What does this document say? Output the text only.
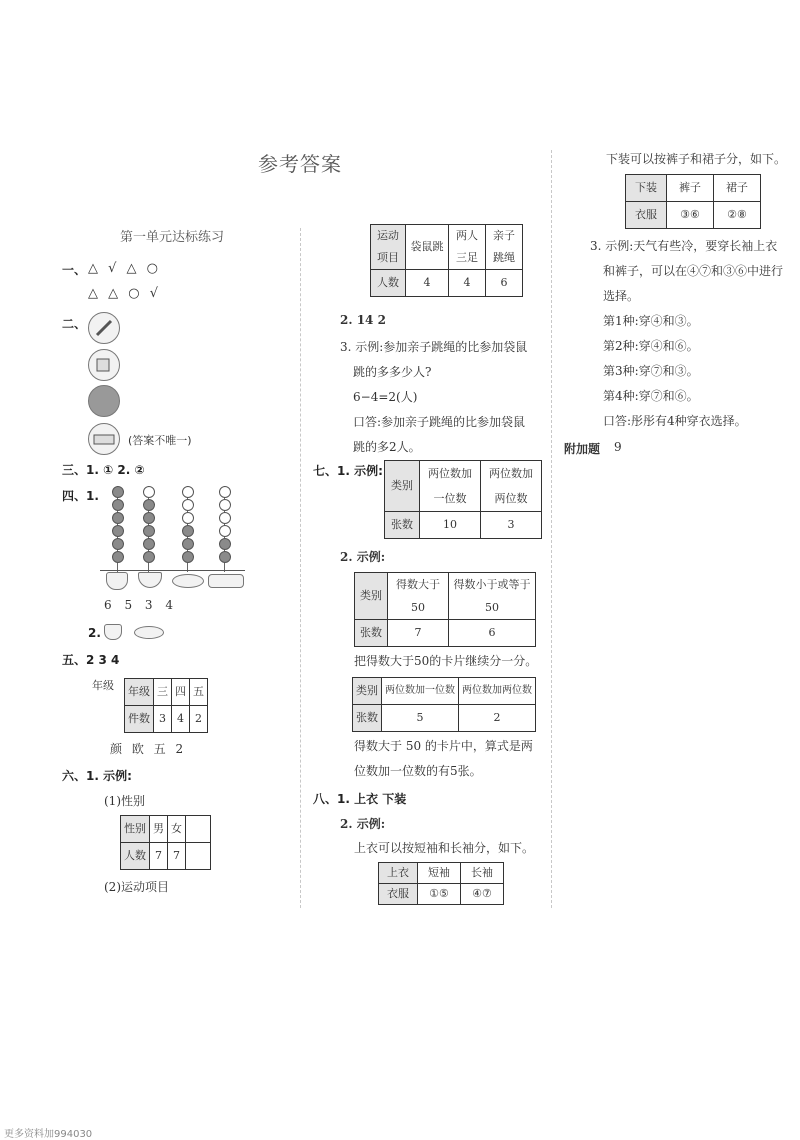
参考答案
第一单元达标练习
一、 △ √ △ ○
△ △ ○ √
二、
(答案不唯一)
三、1. ① 2. ②
四、1.
6 5 3 4
2.
五、2 3 4
年级 年级	三	四	五
件数	3	4	2
颜 欧 五 2
六、1. 示例:
(1)性别
性别	男	女	
人数	7	7	
(2)运动项目
运动项目	袋鼠跳	两人三足	亲子跳绳
人数	4	4	6
2. 14 2
3. 示例:参加亲子跳绳的比参加袋鼠
跳的多多少人?
6−4=2(人)
口答:参加亲子跳绳的比参加袋鼠
跳的多2人。
七、1. 示例:
类别	两位数加一位数	两位数加两位数
张数	10	3
2. 示例:
类别	得数大于50	得数小于或等于50
张数	7	6
把得数大于50的卡片继续分一分。
类别	两位数加一位数	两位数加两位数
张数	5	2
得数大于 50 的卡片中，算式是两
位数加一位数的有5张。
八、1. 上衣 下装
2. 示例:
上衣可以按短袖和长袖分，如下。
上衣	短袖	长袖
衣服	①⑤	④⑦
下装可以按裤子和裙子分，如下。
下装	裤子	裙子
衣服	③⑥	②⑧
3. 示例:天气有些冷，要穿长袖上衣
和裤子，可以在④⑦和③⑥中进行
选择。
第1种:穿④和③。
第2种:穿④和⑥。
第3种:穿⑦和③。
第4种:穿⑦和⑥。
口答:彤彤有4种穿衣选择。
附加题 9
更多资料加994030
